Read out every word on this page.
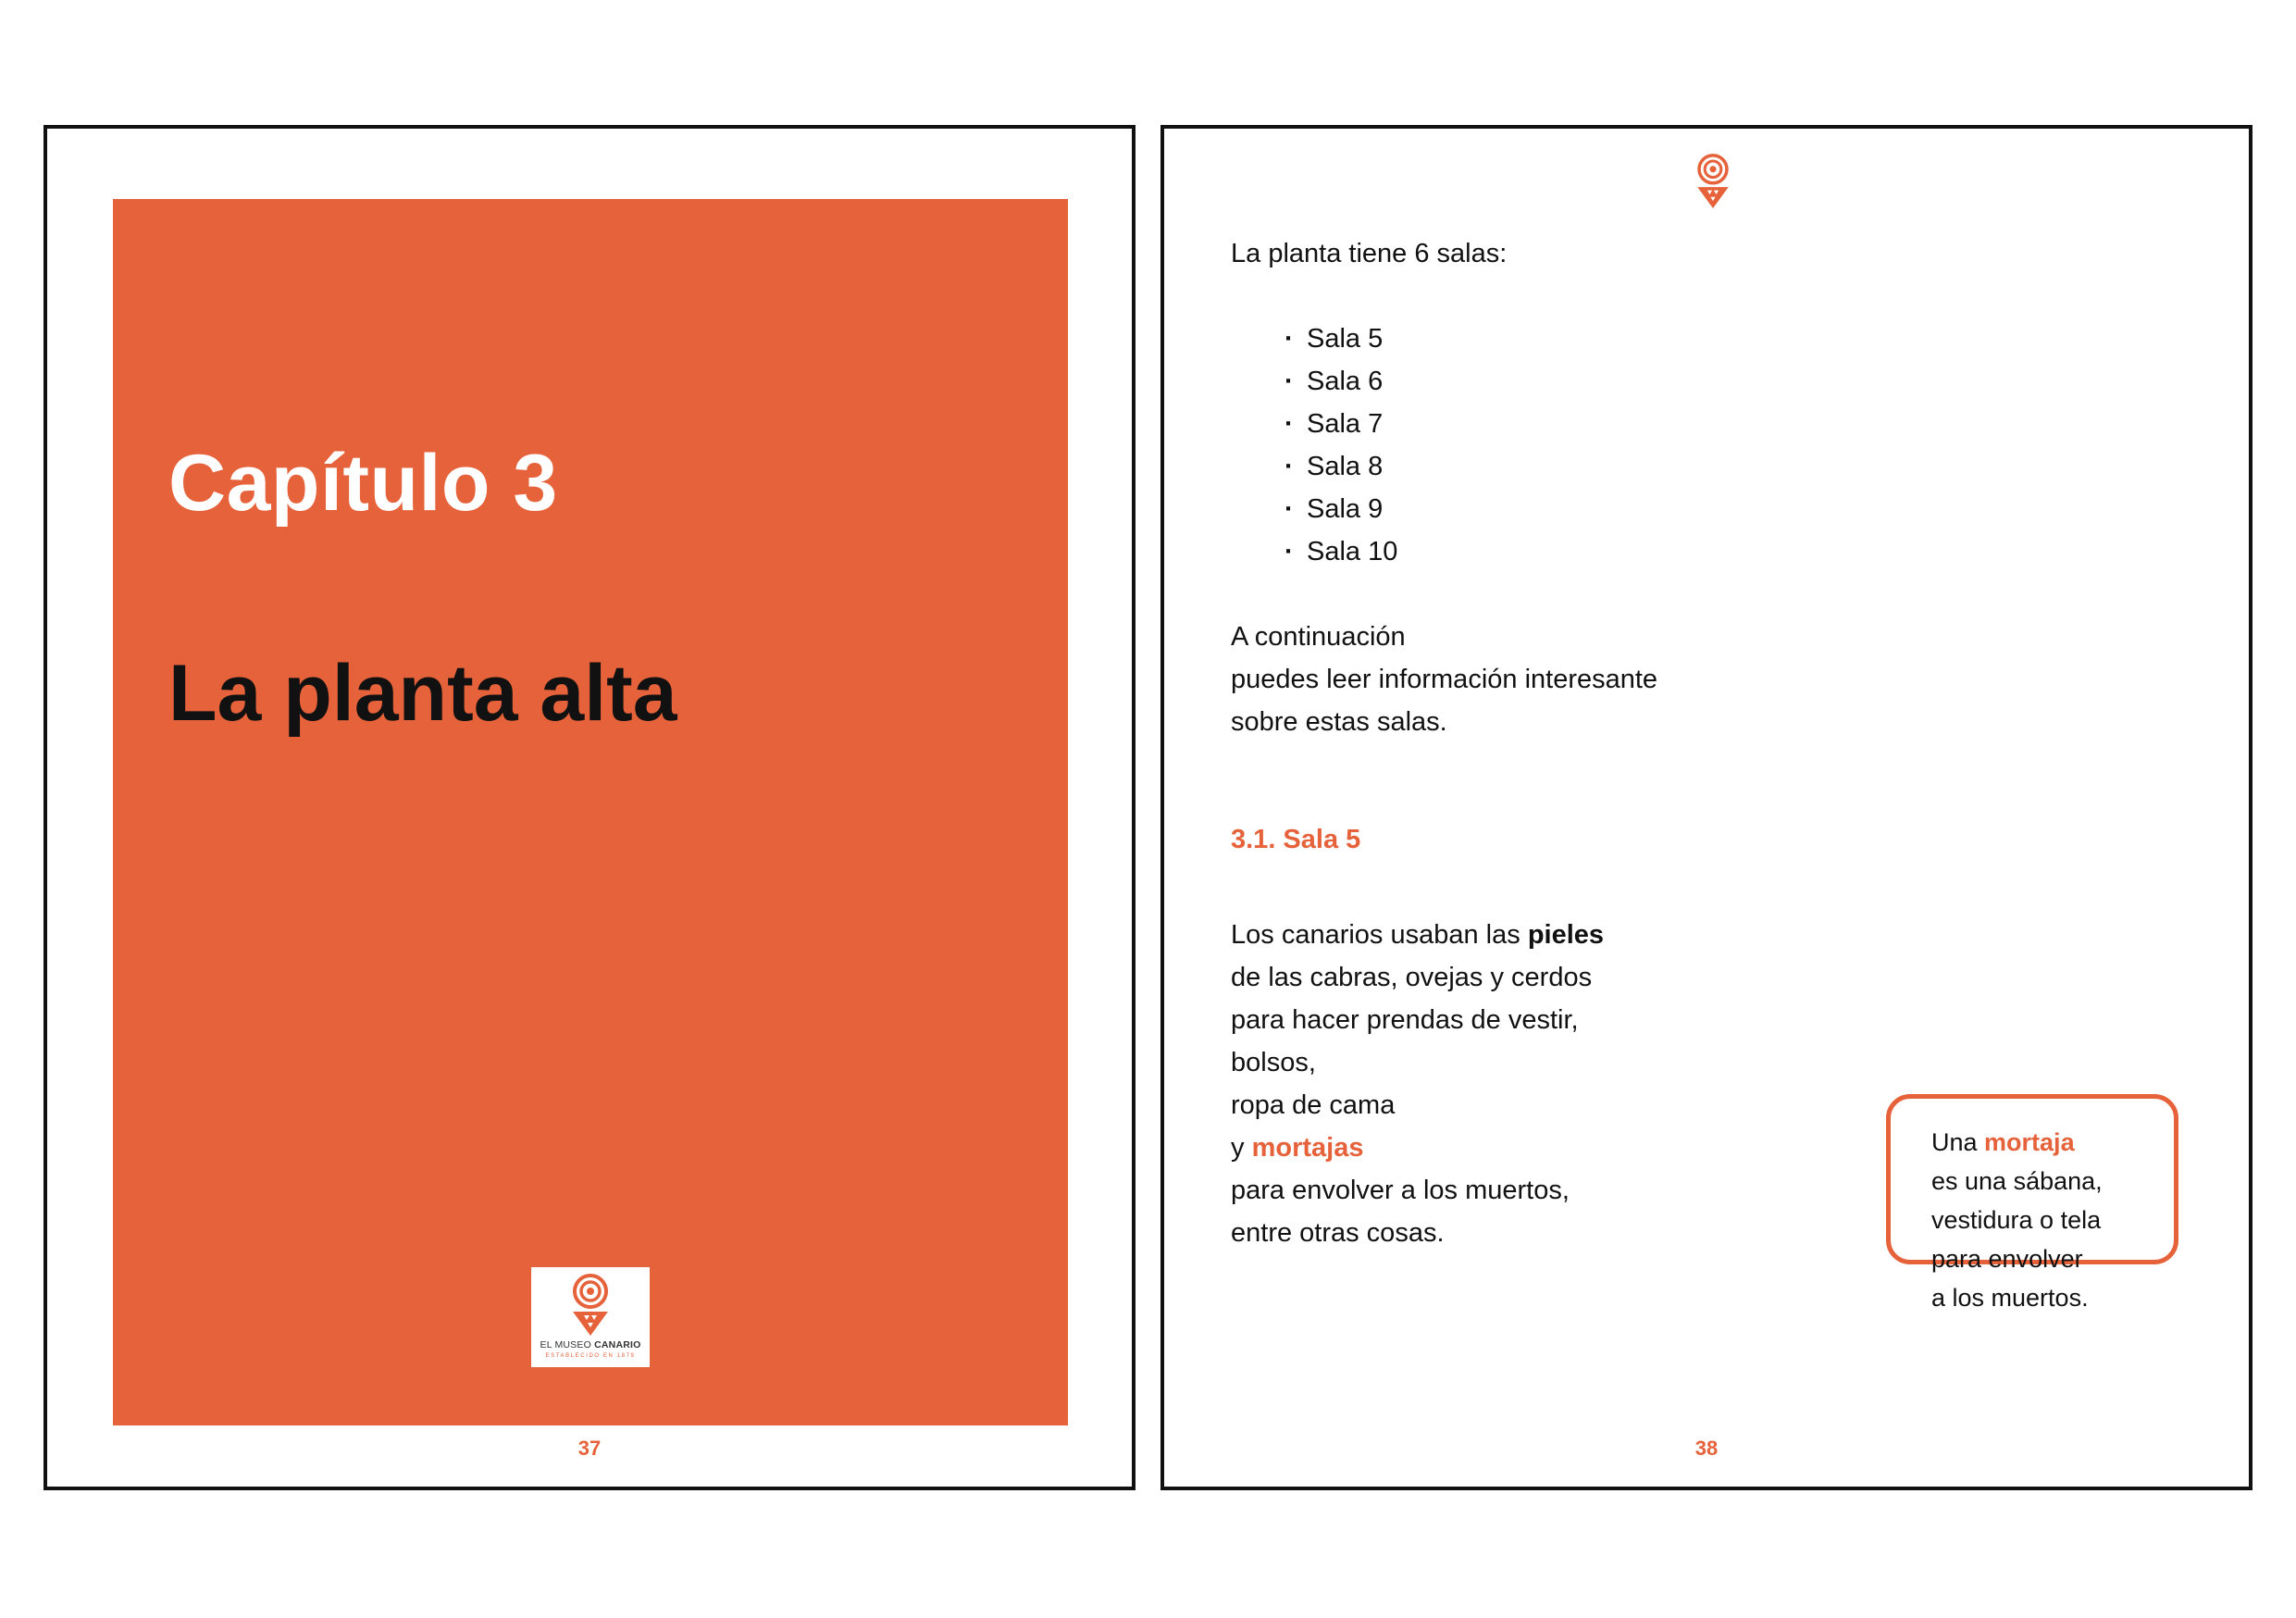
Capítulo 3
La planta alta
EL MUSEO CANARIO
ESTABLECIDO EN 1879
37

La planta tiene 6 salas:

· Sala 5
· Sala 6
· Sala 7
· Sala 8
· Sala 9
· Sala 10

A continuación
puedes leer información interesante
sobre estas salas.

3.1. Sala 5

Los canarios usaban las pieles
de las cabras, ovejas y cerdos
para hacer prendas de vestir,
bolsos,
ropa de cama
y mortajas
para envolver a los muertos,
entre otras cosas.

Una mortaja
es una sábana,
vestidura o tela
para envolver
a los muertos.
38
